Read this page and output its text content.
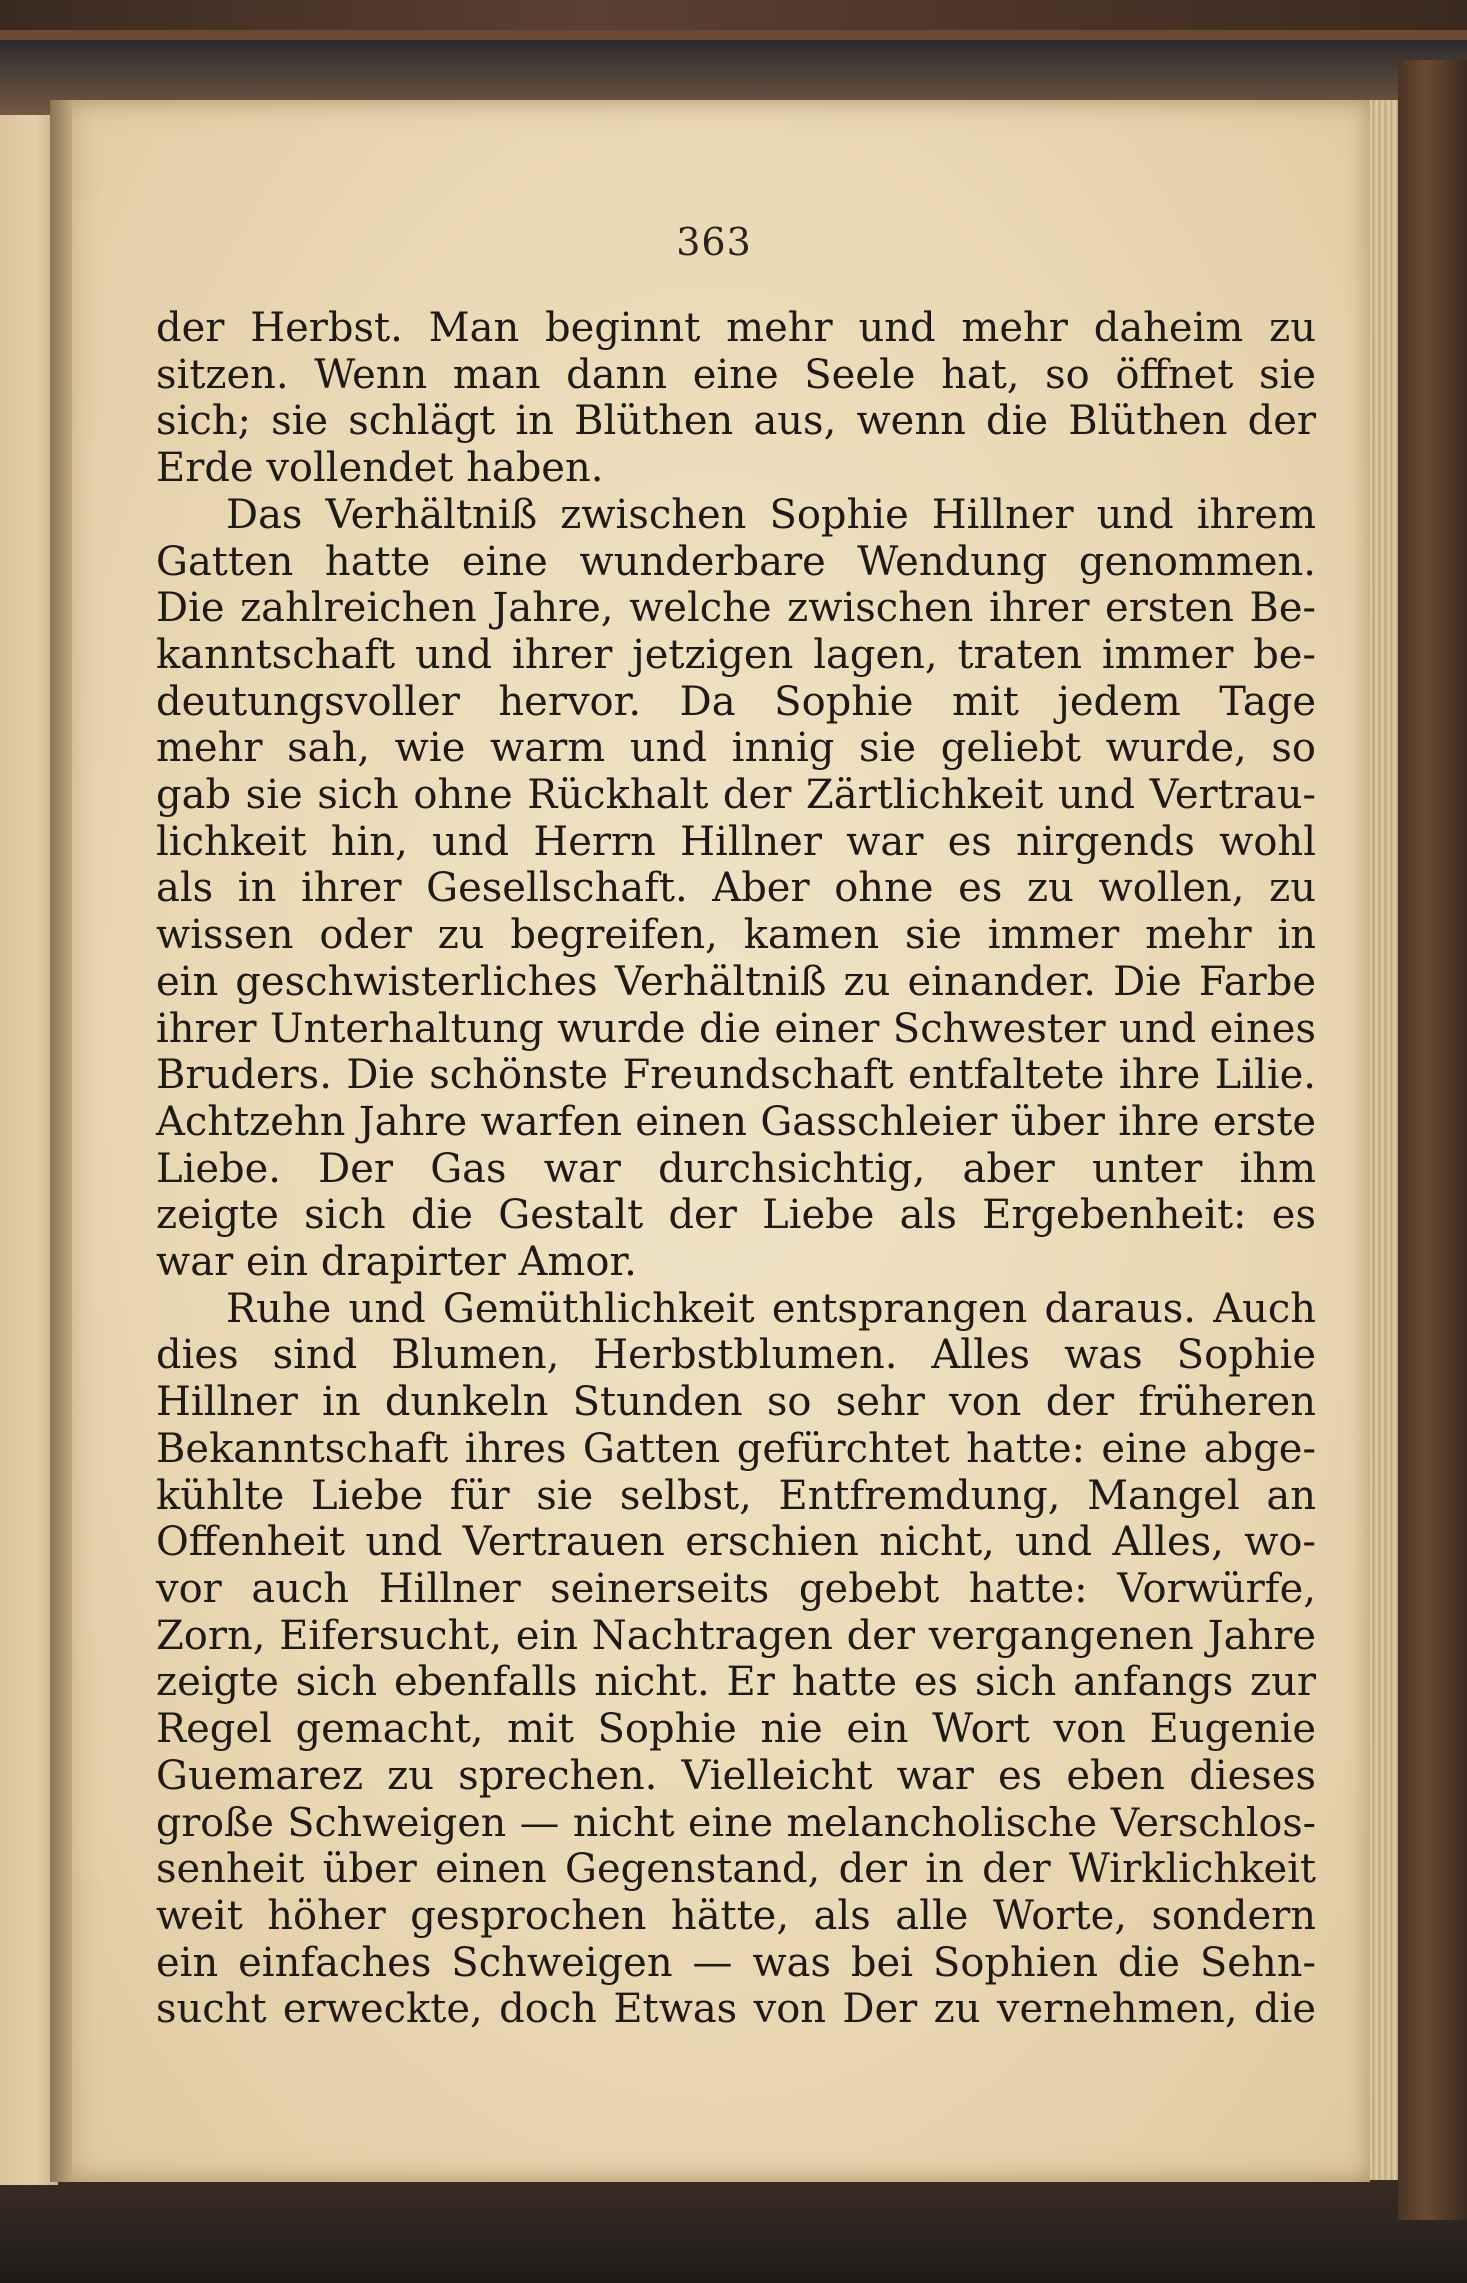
363
der Herbst. Man beginnt mehr und mehr daheim zu
sitzen. Wenn man dann eine Seele hat, so öffnet sie
sich; sie schlägt in Blüthen aus, wenn die Blüthen der
Erde vollendet haben.
Das Verhältniß zwischen Sophie Hillner und ihrem
Gatten hatte eine wunderbare Wendung genommen.
Die zahlreichen Jahre, welche zwischen ihrer ersten Be-
kanntschaft und ihrer jetzigen lagen, traten immer be-
deutungsvoller hervor. Da Sophie mit jedem Tage
mehr sah, wie warm und innig sie geliebt wurde, so
gab sie sich ohne Rückhalt der Zärtlichkeit und Vertrau-
lichkeit hin, und Herrn Hillner war es nirgends wohl
als in ihrer Gesellschaft. Aber ohne es zu wollen, zu
wissen oder zu begreifen, kamen sie immer mehr in
ein geschwisterliches Verhältniß zu einander. Die Farbe
ihrer Unterhaltung wurde die einer Schwester und eines
Bruders. Die schönste Freundschaft entfaltete ihre Lilie.
Achtzehn Jahre warfen einen Gasschleier über ihre erste
Liebe. Der Gas war durchsichtig, aber unter ihm
zeigte sich die Gestalt der Liebe als Ergebenheit: es
war ein drapirter Amor.
Ruhe und Gemüthlichkeit entsprangen daraus. Auch
dies sind Blumen, Herbstblumen. Alles was Sophie
Hillner in dunkeln Stunden so sehr von der früheren
Bekanntschaft ihres Gatten gefürchtet hatte: eine abge-
kühlte Liebe für sie selbst, Entfremdung, Mangel an
Offenheit und Vertrauen erschien nicht, und Alles, wo-
vor auch Hillner seinerseits gebebt hatte: Vorwürfe,
Zorn, Eifersucht, ein Nachtragen der vergangenen Jahre
zeigte sich ebenfalls nicht. Er hatte es sich anfangs zur
Regel gemacht, mit Sophie nie ein Wort von Eugenie
Guemarez zu sprechen. Vielleicht war es eben dieses
große Schweigen — nicht eine melancholische Verschlos-
senheit über einen Gegenstand, der in der Wirklichkeit
weit höher gesprochen hätte, als alle Worte, sondern
ein einfaches Schweigen — was bei Sophien die Sehn-
sucht erweckte, doch Etwas von Der zu vernehmen, die
